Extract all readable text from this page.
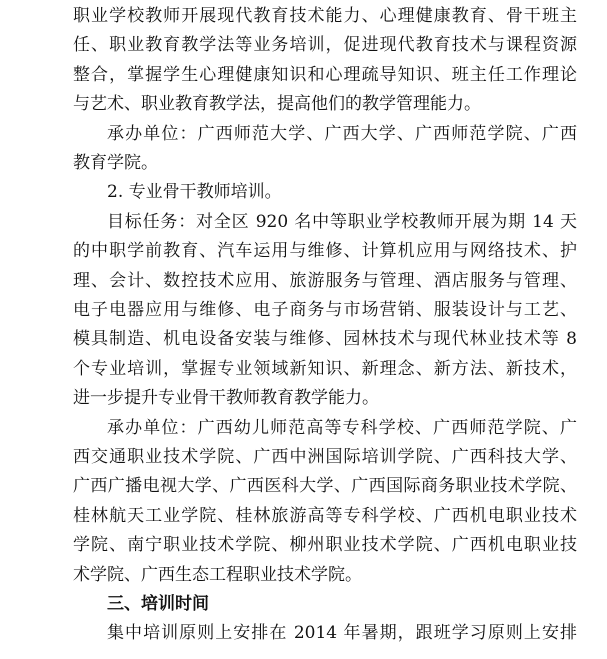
职业学校教师开展现代教育技术能力、心理健康教育、骨干班主
任、职业教育教学法等业务培训，促进现代教育技术与课程资源
整合，掌握学生心理健康知识和心理疏导知识、班主任工作理论
与艺术、职业教育教学法，提高他们的教学管理能力。
承办单位：广西师范大学、广西大学、广西师范学院、广西
教育学院。
2. 专业骨干教师培训。
目标任务：对全区 920 名中等职业学校教师开展为期 14 天
的中职学前教育、汽车运用与维修、计算机应用与网络技术、护
理、会计、数控技术应用、旅游服务与管理、酒店服务与管理、
电子电器应用与维修、电子商务与市场营销、服装设计与工艺、
模具制造、机电设备安装与维修、园林技术与现代林业技术等 8
个专业培训，掌握专业领域新知识、新理念、新方法、新技术，
进一步提升专业骨干教师教育教学能力。
承办单位：广西幼儿师范高等专科学校、广西师范学院、广
西交通职业技术学院、广西中洲国际培训学院、广西科技大学、
广西广播电视大学、广西医科大学、广西国际商务职业技术学院、
桂林航天工业学院、桂林旅游高等专科学校、广西机电职业技术
学院、南宁职业技术学院、柳州职业技术学院、广西机电职业技
术学院、广西生态工程职业技术学院。
三、培训时间
集中培训原则上安排在 2014 年暑期，跟班学习原则上安排
